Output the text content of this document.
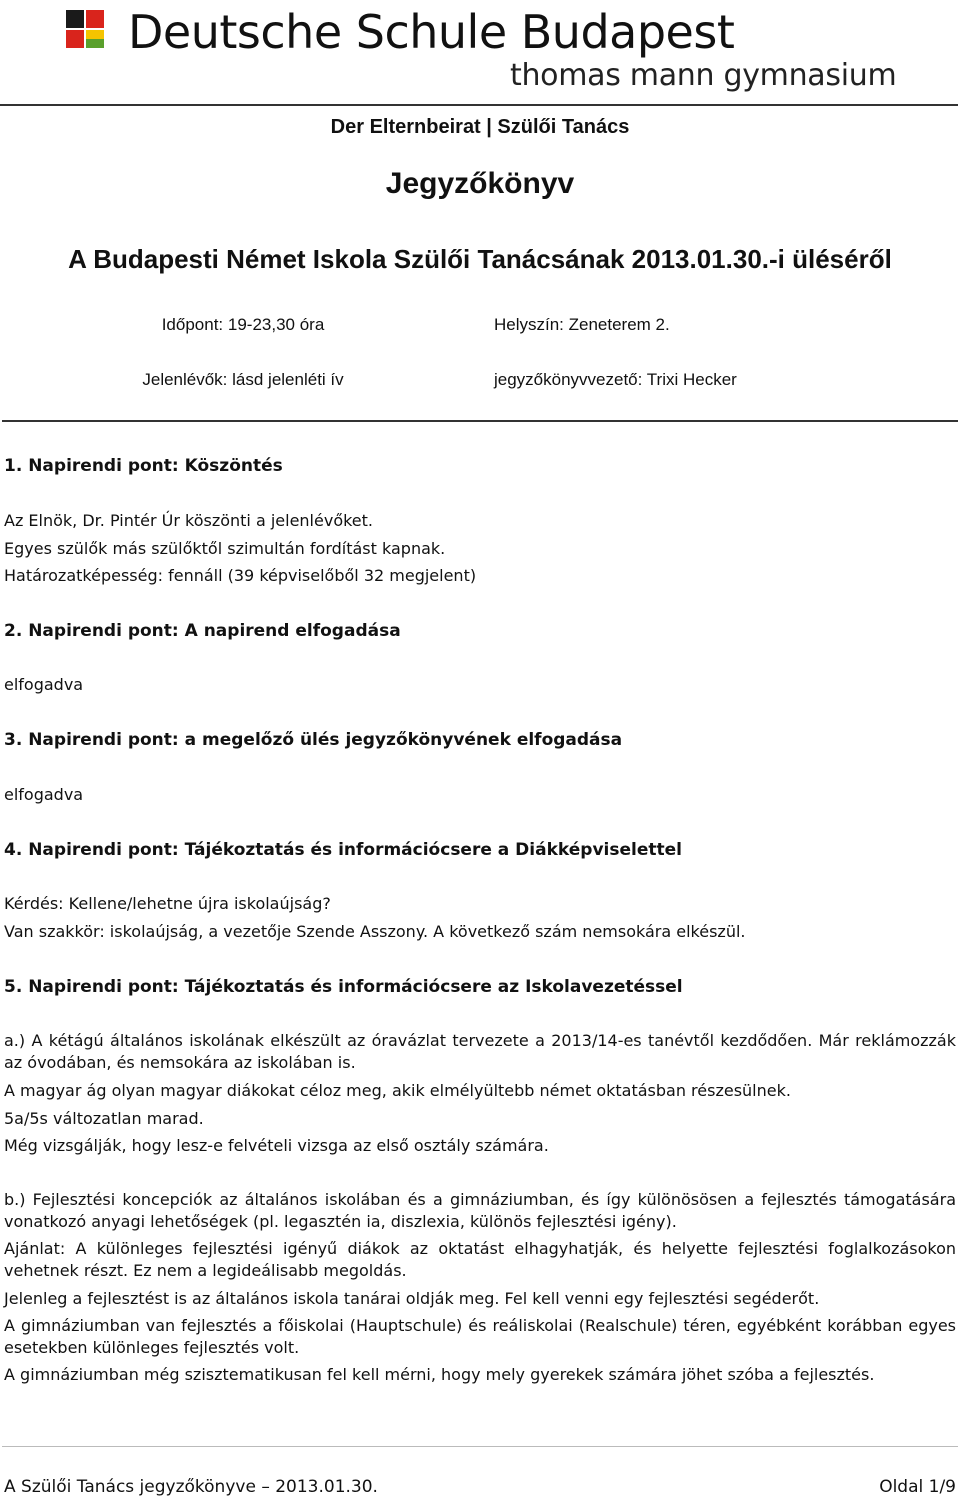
Deutsche Schule Budapest
thomas mann gymnasium
Der Elternbeirat | Szülői Tanács
Jegyzőkönyv
A Budapesti Német Iskola Szülői Tanácsának 2013.01.30.-i üléséről
Időpont: 19-23,30 óra	Helyszín: Zeneterem 2.
Jelenlévők: lásd jelenléti ív	jegyzőkönyvvezető: Trixi Hecker
1. Napirendi pont: Köszöntés
Az Elnök, Dr. Pintér Úr köszönti a jelenlévőket.
Egyes szülők más szülőktől szimultán fordítást kapnak.
Határozatképesség: fennáll (39 képviselőből 32 megjelent)
2. Napirendi pont: A napirend elfogadása
elfogadva
3. Napirendi pont: a megelőző ülés jegyzőkönyvének elfogadása
elfogadva
4. Napirendi pont: Tájékoztatás és információcsere a Diákképviselettel
Kérdés: Kellene/lehetne újra iskolaújság?
Van szakkör: iskolaújság, a vezetője Szende Asszony. A következő szám nemsokára elkészül.
5. Napirendi pont: Tájékoztatás és információcsere az Iskolavezetéssel
a.) A kétágú általános iskolának elkészült az óravázlat tervezete a 2013/14-es tanévtől kezdődően. Már reklámozzák az óvodában, és nemsokára az iskolában is.
A magyar ág olyan magyar diákokat céloz meg, akik elmélyültebb német oktatásban részesülnek.
5a/5s változatlan marad.
Még vizsgálják, hogy lesz-e felvételi vizsga az első osztály számára.
b.) Fejlesztési koncepciók az általános iskolában és a gimnáziumban, és így különösösen a fejlesztés támogatására vonatkozó anyagi lehetőségek (pl. legasztén ia, diszlexia, különös fejlesztési igény).
Ajánlat: A különleges fejlesztési igényű diákok az oktatást elhagyhatják, és helyette fejlesztési foglalkozásokon vehetnek részt. Ez nem a legideálisabb megoldás.
Jelenleg a fejlesztést is az általános iskola tanárai oldják meg. Fel kell venni egy fejlesztési segéderőt.
A gimnáziumban van fejlesztés a főiskolai (Hauptschule) és reáliskolai (Realschule) téren, egyébként korábban egyes esetekben különleges fejlesztés volt.
A gimnáziumban még szisztematikusan fel kell mérni, hogy mely gyerekek számára jöhet szóba a fejlesztés.
A Szülői Tanács jegyzőkönyve – 2013.01.30.	Oldal 1/9
